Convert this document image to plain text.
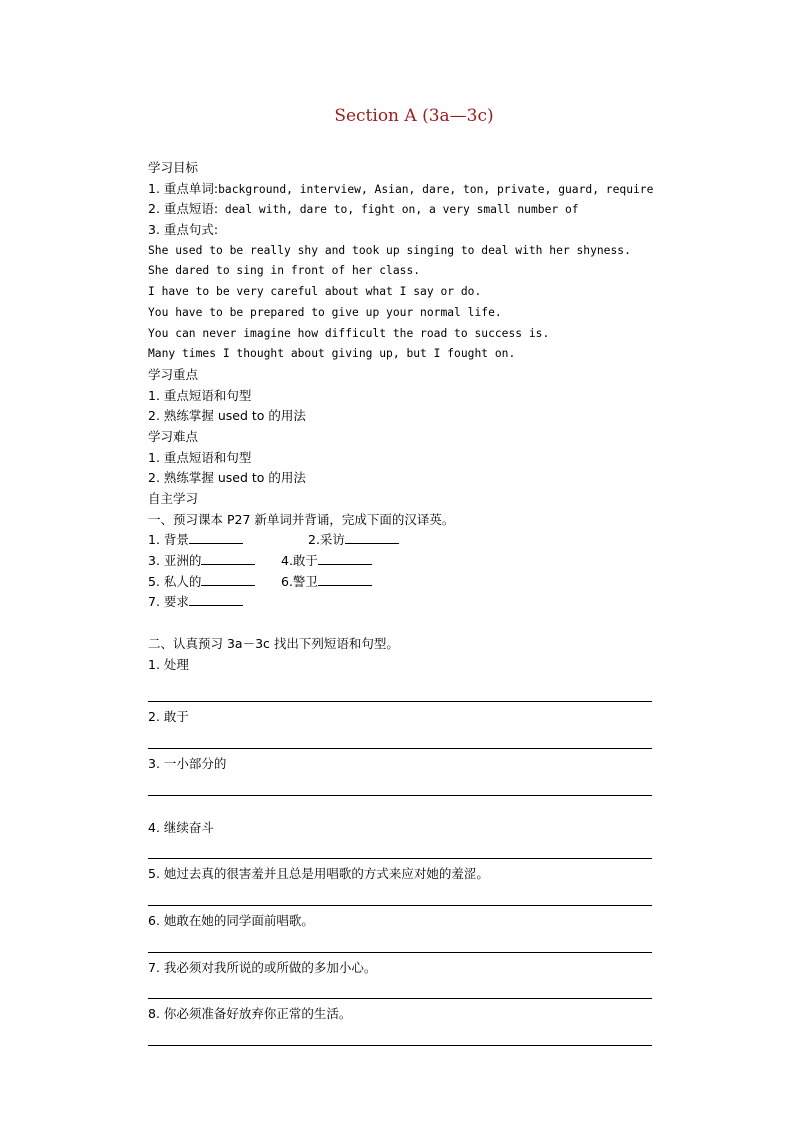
Section A (3a—3c)
学习目标
1. 重点单词:background, interview, Asian, dare, ton, private, guard, require
2. 重点短语: deal with, dare to, fight on, a very small number of
3. 重点句式:
She used to be really shy and took up singing to deal with her shyness.
She dared to sing in front of her class.
I have to be very careful about what I say or do.
You have to be prepared to give up your normal life.
You can never imagine how difficult the road to success is.
Many times I thought about giving up, but I fought on.
学习重点
1. 重点短语和句型
2. 熟练掌握 used to 的用法
学习难点
1. 重点短语和句型
2. 熟练掌握 used to 的用法
自主学习
一、预习课本 P27 新单词并背诵，完成下面的汉译英。
1. 背景	2.采访
3. 亚洲的	4.敢于
5. 私人的	6.警卫
7. 要求
二、认真预习 3a－3c 找出下列短语和句型。
1. 处理
2. 敢于
3. 一小部分的
4. 继续奋斗
5. 她过去真的很害羞并且总是用唱歌的方式来应对她的羞涩。
6. 她敢在她的同学面前唱歌。
7. 我必须对我所说的或所做的多加小心。
8. 你必须准备好放弃你正常的生活。
